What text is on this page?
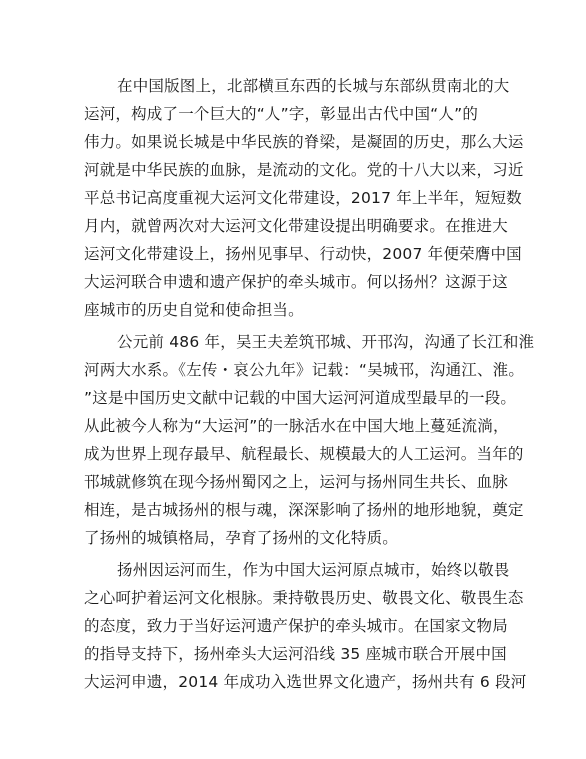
在中国版图上，北部横亘东西的长城与东部纵贯南北的大
运河，构成了一个巨大的“人”字，彰显出古代中国“人”的
伟力。如果说长城是中华民族的脊梁，是凝固的历史，那么大运
河就是中华民族的血脉，是流动的文化。党的十八大以来，习近
平总书记高度重视大运河文化带建设，2017 年上半年，短短数
月内，就曾两次对大运河文化带建设提出明确要求。在推进大
运河文化带建设上，扬州见事早、行动快，2007 年便荣膺中国
大运河联合申遗和遗产保护的牵头城市。何以扬州？这源于这
座城市的历史自觉和使命担当。
公元前 486 年，吴王夫差筑邗城、开邗沟，沟通了长江和淮
河两大水系。《左传・哀公九年》记载：“吴城邗，沟通江、淮。
”这是中国历史文献中记载的中国大运河河道成型最早的一段。
从此被今人称为“大运河”的一脉活水在中国大地上蔓延流淌，
成为世界上现存最早、航程最长、规模最大的人工运河。当年的
邗城就修筑在现今扬州蜀冈之上，运河与扬州同生共长、血脉
相连，是古城扬州的根与魂，深深影响了扬州的地形地貌，奠定
了扬州的城镇格局，孕育了扬州的文化特质。
扬州因运河而生，作为中国大运河原点城市，始终以敬畏
之心呵护着运河文化根脉。秉持敬畏历史、敬畏文化、敬畏生态
的态度，致力于当好运河遗产保护的牵头城市。在国家文物局
的指导支持下，扬州牵头大运河沿线 35 座城市联合开展中国
大运河申遗，2014 年成功入选世界文化遗产，扬州共有 6 段河
